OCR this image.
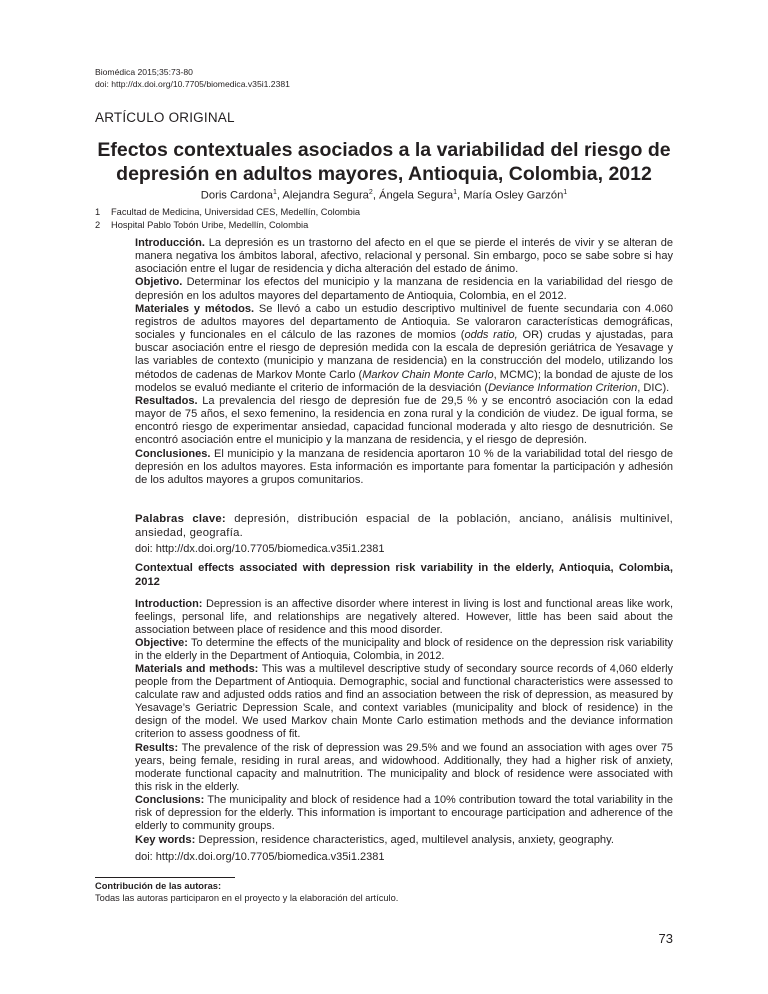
Biomédica 2015;35:73-80
doi: http://dx.doi.org/10.7705/biomedica.v35i1.2381
ARTÍCULO ORIGINAL
Efectos contextuales asociados a la variabilidad del riesgo de depresión en adultos mayores, Antioquia, Colombia, 2012
Doris Cardona$^1$, Alejandra Segura$^2$, Ángela Segura$^1$, María Osley Garzón$^1$
1 Facultad de Medicina, Universidad CES, Medellín, Colombia
2 Hospital Pablo Tobón Uribe, Medellín, Colombia

Introducción. La depresión es un trastorno del afecto en el que se pierde el interés de vivir y se alteran de manera negativa los ámbitos laboral, afectivo, relacional y personal. Sin embargo, poco se sabe sobre si hay asociación entre el lugar de residencia y dicha alteración del estado de ánimo.

Objetivo. Determinar los efectos del municipio y la manzana de residencia en la variabilidad del riesgo de depresión en los adultos mayores del departamento de Antioquia, Colombia, en el 2012.

Materiales y métodos. Se llevó a cabo un estudio descriptivo multinivel de fuente secundaria con 4.060 registros de adultos mayores del departamento de Antioquia. Se valoraron características demográficas, sociales y funcionales en el cálculo de las razones de momios (odds ratio, OR) crudas y ajustadas, para buscar asociación entre el riesgo de depresión medida con la escala de depresión geriátrica de Yesavage y las variables de contexto (municipio y manzana de residencia) en la construcción del modelo, utilizando los métodos de cadenas de Markov Monte Carlo (Markov Chain Monte Carlo, MCMC); la bondad de ajuste de los modelos se evaluó mediante el criterio de información de la desviación (Deviance Information Criterion, DIC).

Resultados. La prevalencia del riesgo de depresión fue de 29,5 % y se encontró asociación con la edad mayor de 75 años, el sexo femenino, la residencia en zona rural y la condición de viudez. De igual forma, se encontró riesgo de experimentar ansiedad, capacidad funcional moderada y alto riesgo de desnutrición. Se encontró asociación entre el municipio y la manzana de residencia, y el riesgo de depresión.

Conclusiones. El municipio y la manzana de residencia aportaron 10 % de la variabilidad total del riesgo de depresión en los adultos mayores. Esta información es importante para fomentar la participación y adhesión de los adultos mayores a grupos comunitarios.

Palabras clave: depresión, distribución espacial de la población, anciano, análisis multinivel, ansiedad, geografía.
doi: http://dx.doi.org/10.7705/biomedica.v35i1.2381
Contextual effects associated with depression risk variability in the elderly, Antioquia, Colombia, 2012

Introduction: Depression is an affective disorder where interest in living is lost and functional areas like work, feelings, personal life, and relationships are negatively altered. However, little has been said about the association between place of residence and this mood disorder.

Objective: To determine the effects of the municipality and block of residence on the depression risk variability in the elderly in the Department of Antioquia, Colombia, in 2012.

Materials and methods: This was a multilevel descriptive study of secondary source records of 4,060 elderly people from the Department of Antioquia. Demographic, social and functional characteristics were assessed to calculate raw and adjusted odds ratios and find an association between the risk of depression, as measured by Yesavage’s Geriatric Depression Scale, and context variables (municipality and block of residence) in the design of the model. We used Markov chain Monte Carlo estimation methods and the deviance information criterion to assess goodness of fit.

Results: The prevalence of the risk of depression was 29.5% and we found an association with ages over 75 years, being female, residing in rural areas, and widowhood. Additionally, they had a higher risk of anxiety, moderate functional capacity and malnutrition. The municipality and block of residence were associated with this risk in the elderly.

Conclusions: The municipality and block of residence had a 10% contribution toward the total variability in the risk of depression for the elderly. This information is important to encourage participation and adherence of the elderly to community groups.

Key words: Depression, residence characteristics, aged, multilevel analysis, anxiety, geography.
doi: http://dx.doi.org/10.7705/biomedica.v35i1.2381
Contribución de las autoras:
Todas las autoras participaron en el proyecto y la elaboración del artículo.
73
